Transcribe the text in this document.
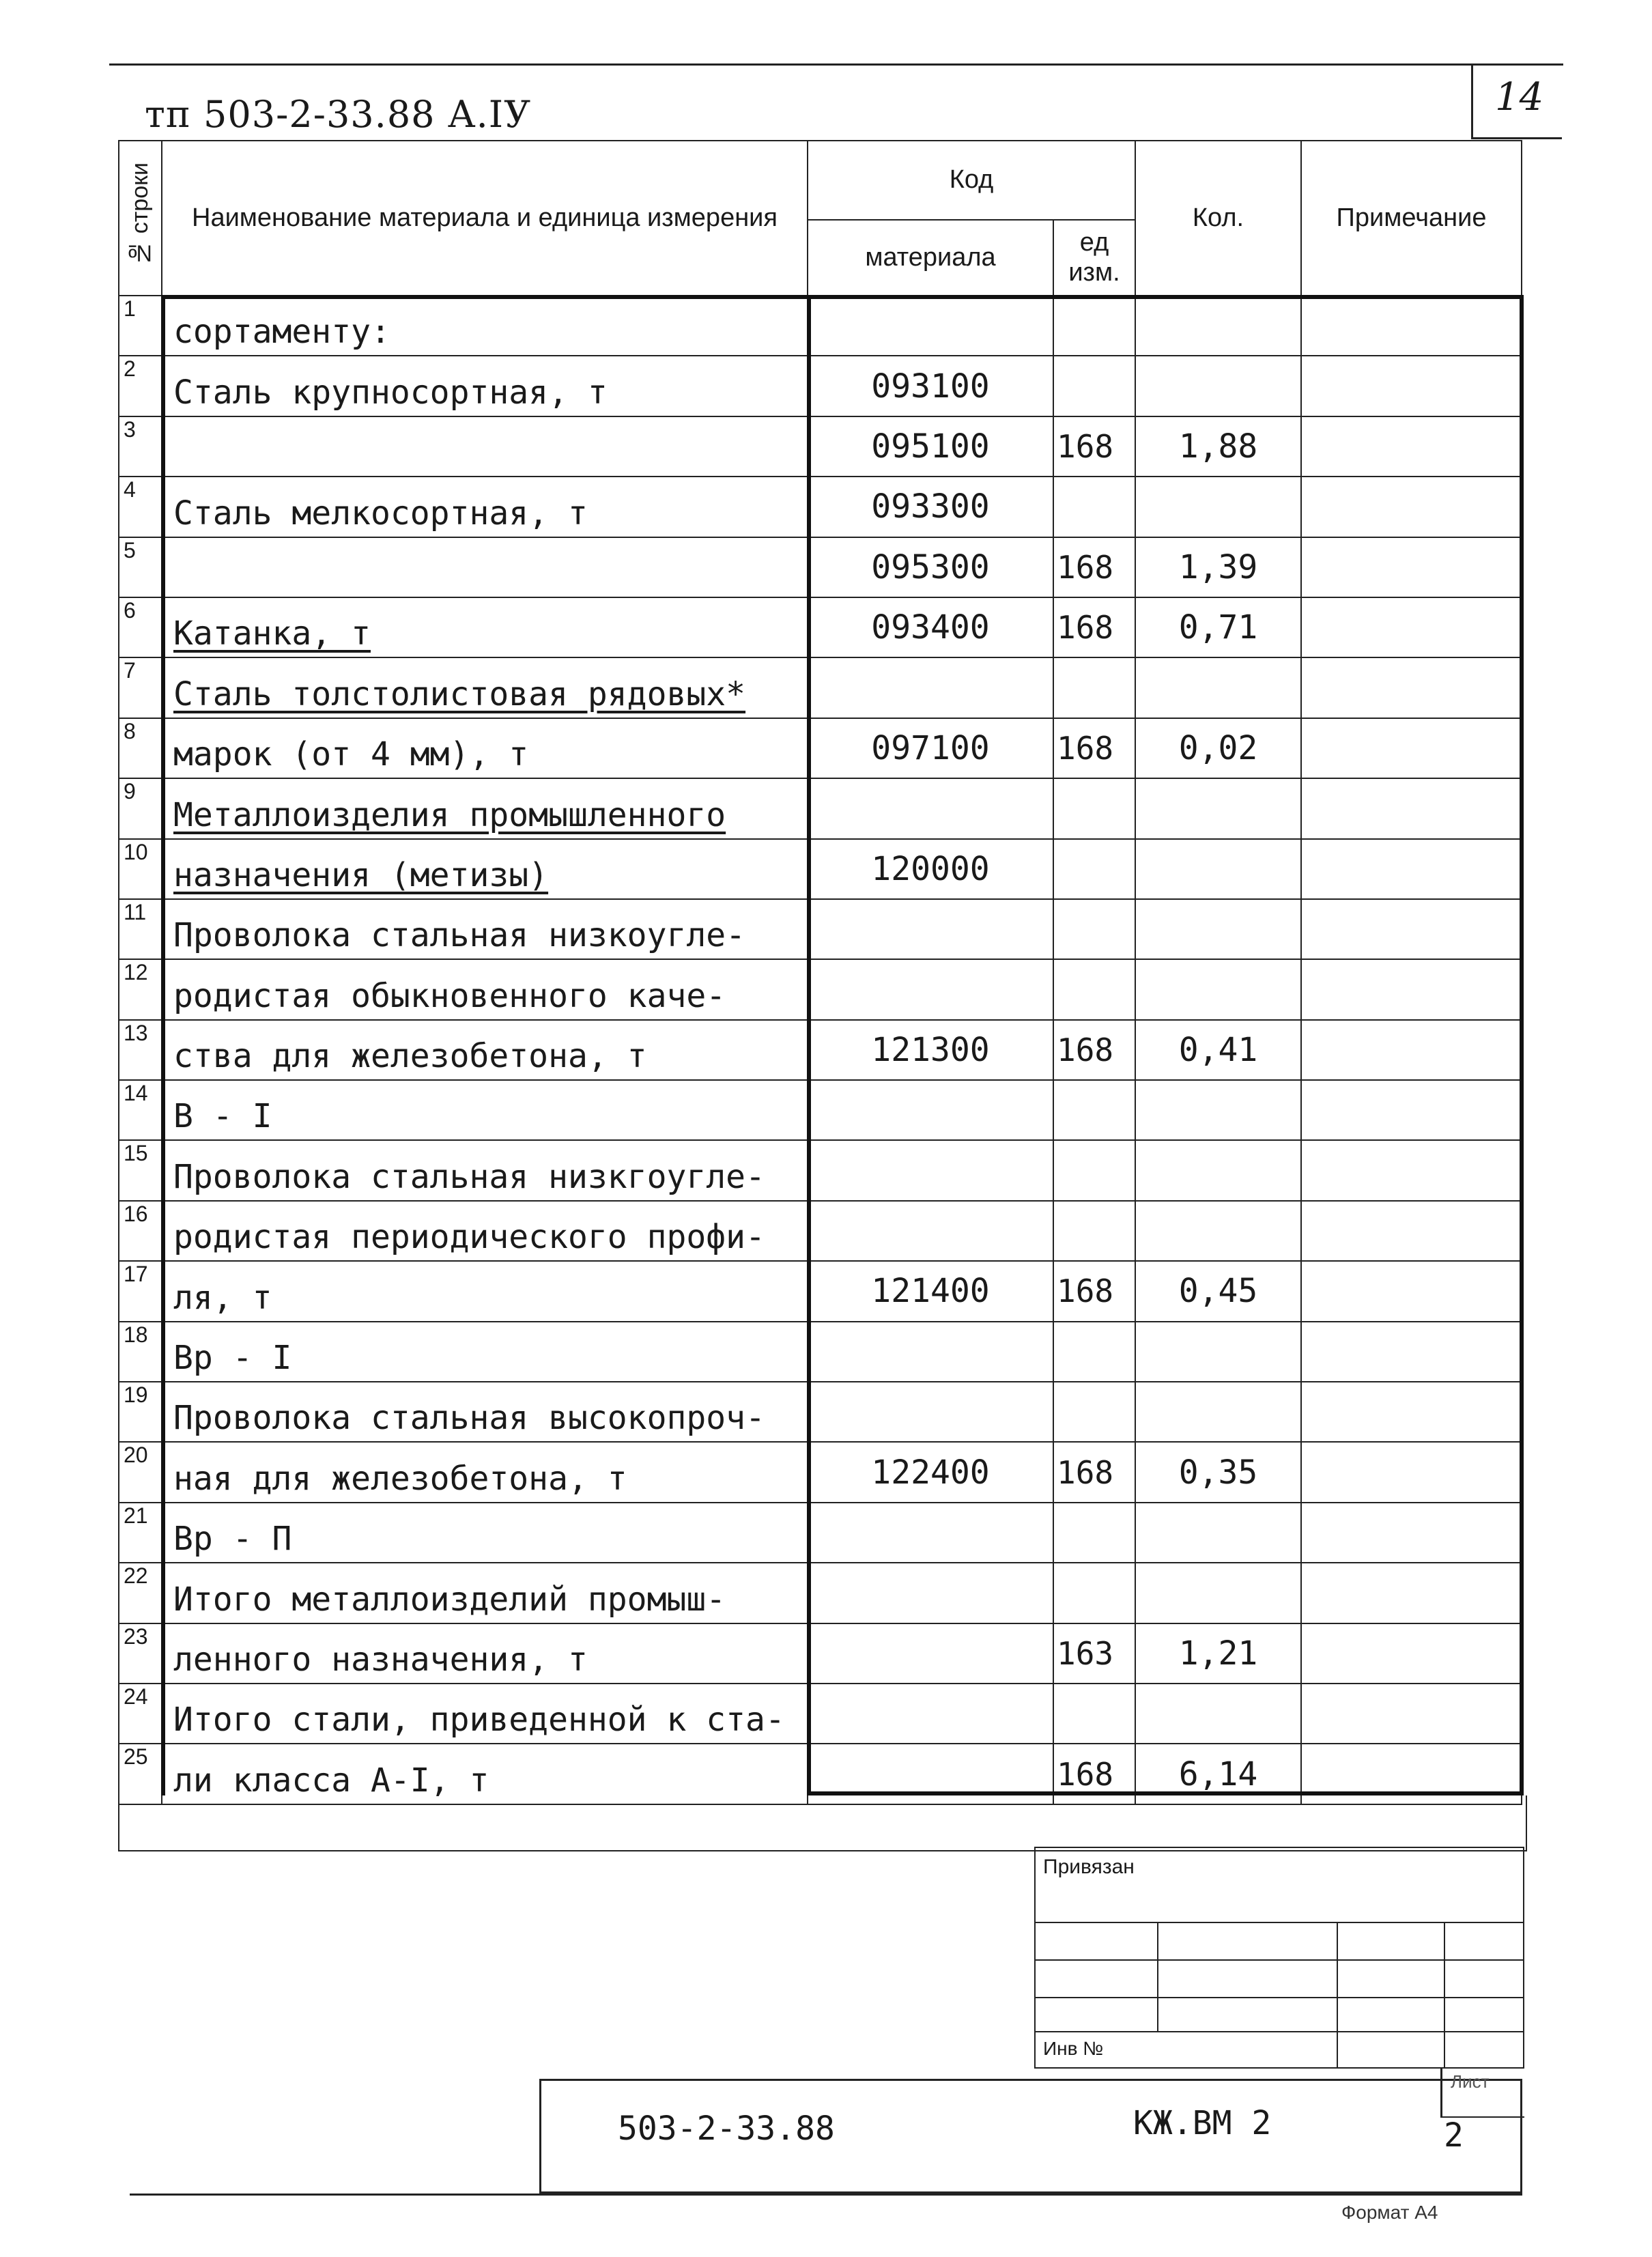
тп 503-2-33.88 А.IУ	14
№ строки	Наименование материала и единица измерения	Код		Кол.	Примечание
		материала	ед изм.		
1	сортаменту:				
2	Сталь крупносортная, т	093100			
3		095100	168	1,88	
4	Сталь мелкосортная, т	093300			
5		095300	168	1,39	
6	Катанка, т	093400	168	0,71	
7	Сталь толстолистовая рядовых*				
8	марок (от 4 мм), т	097100	168	0,02	
9	Металлоизделия промышленного				
10	назначения (метизы)	120000			
11	Проволока стальная низкоугле-				
12	родистая обыкновенного каче-				
13	ства для железобетона, т	121300	168	0,41	
14	В - I				
15	Проволока стальная низкгоугле-				
16	родистая периодического профи-				
17	ля, т	121400	168	0,45	
18	Вр - I				
19	Проволока стальная высокопроч-				
20	ная для железобетона, т	122400	168	0,35	
21	Вр - П				
22	Итого металлоизделий промыш-				
23	ленного назначения, т		163	1,21	
24	Итого стали, приведенной к ста-				
25	ли класса А-I, т		168	6,14	
Привязан
Инв №
503-2-33.88	КЖ.ВМ 2
Лист
2
Формат А4
